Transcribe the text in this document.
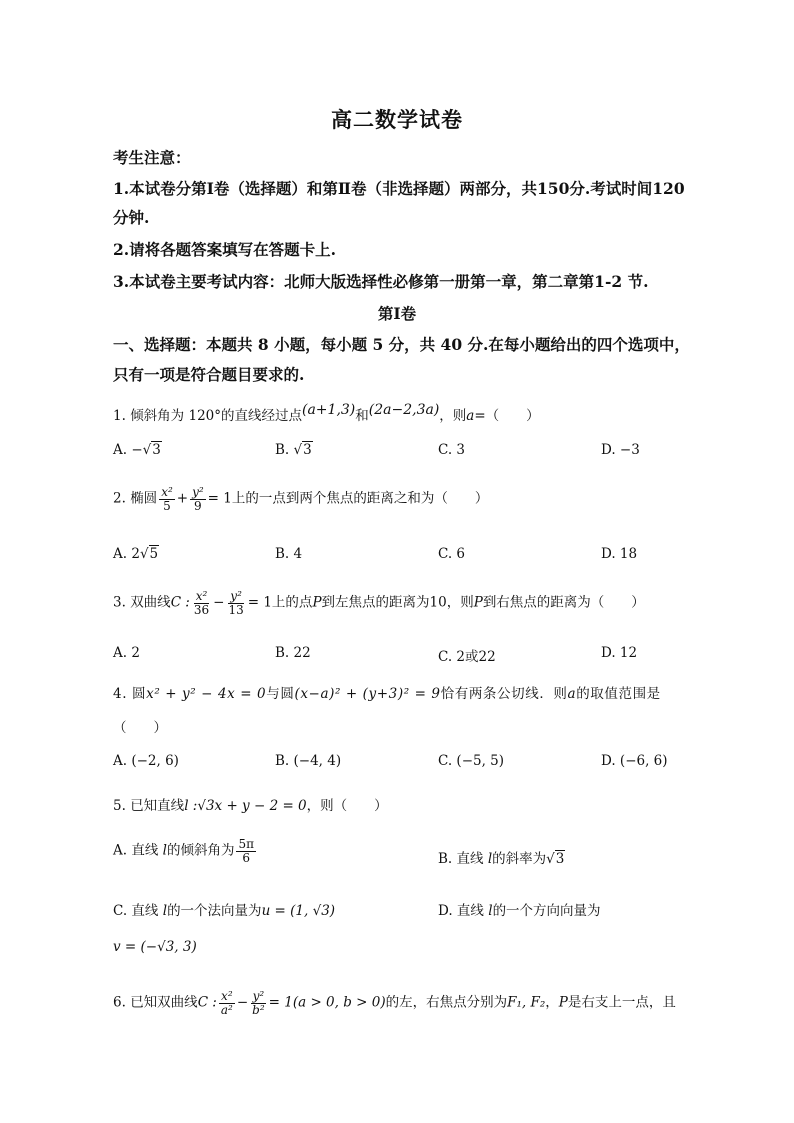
高二数学试卷
考生注意：
1.本试卷分第Ⅰ卷（选择题）和第Ⅱ卷（非选择题）两部分，共150分.考试时间120
分钟.
2.请将各题答案填写在答题卡上.
3.本试卷主要考试内容：北师大版选择性必修第一册第一章，第二章第1-2 节.
第Ⅰ卷
一、选择题：本题共 8 小题，每小题 5 分，共 40 分.在每小题给出的四个选项中，
只有一项是符合题目要求的.
1. 倾斜角为 120°的直线经过点(a+1,3)和(2a−2,3a)，则a=（　　）
A. −√3	B. √3	C. 3	D. −3
2. 椭圆 $\frac{\text{x²}}{5} + \frac{\text{y²}}{9} = 1$上的一点到两个焦点的距离之和为（　　）
A. 2√5	B. 4	C. 6	D. 18
3. 双曲线C : $\frac{\text{x²}}{36} - \frac{\text{y²}}{13} = 1$上的点P到左焦点的距离为10，则P到右焦点的距离为（　　）
A. 2	B. 22	C. 2或22	D. 12
4. 圆x² + y² − 4x = 0与圆(x−a)² + (y+3)² = 9恰有两条公切线．则a的取值范围是
（　　）
A. (−2, 6)	B. (−4, 4)	C. (−5, 5)	D. (−6, 6)
5. 已知直线l :√3x + y − 2 = 0，则（　　）
A. 直线 l的倾斜角为 $\frac{5\pi}{6}$	B. 直线 l的斜率为√3
C. 直线 l的一个法向量为u = (1, √3)	D. 直线 l的一个方向向量为
v = (−√3, 3)
6. 已知双曲线C : $\frac{\text{x²}}{\text{a²}} - \frac{\text{y²}}{\text{b²}} = 1(a > 0$, b > 0)的左，右焦点分别为F₁, F₂，P是右支上一点，且
